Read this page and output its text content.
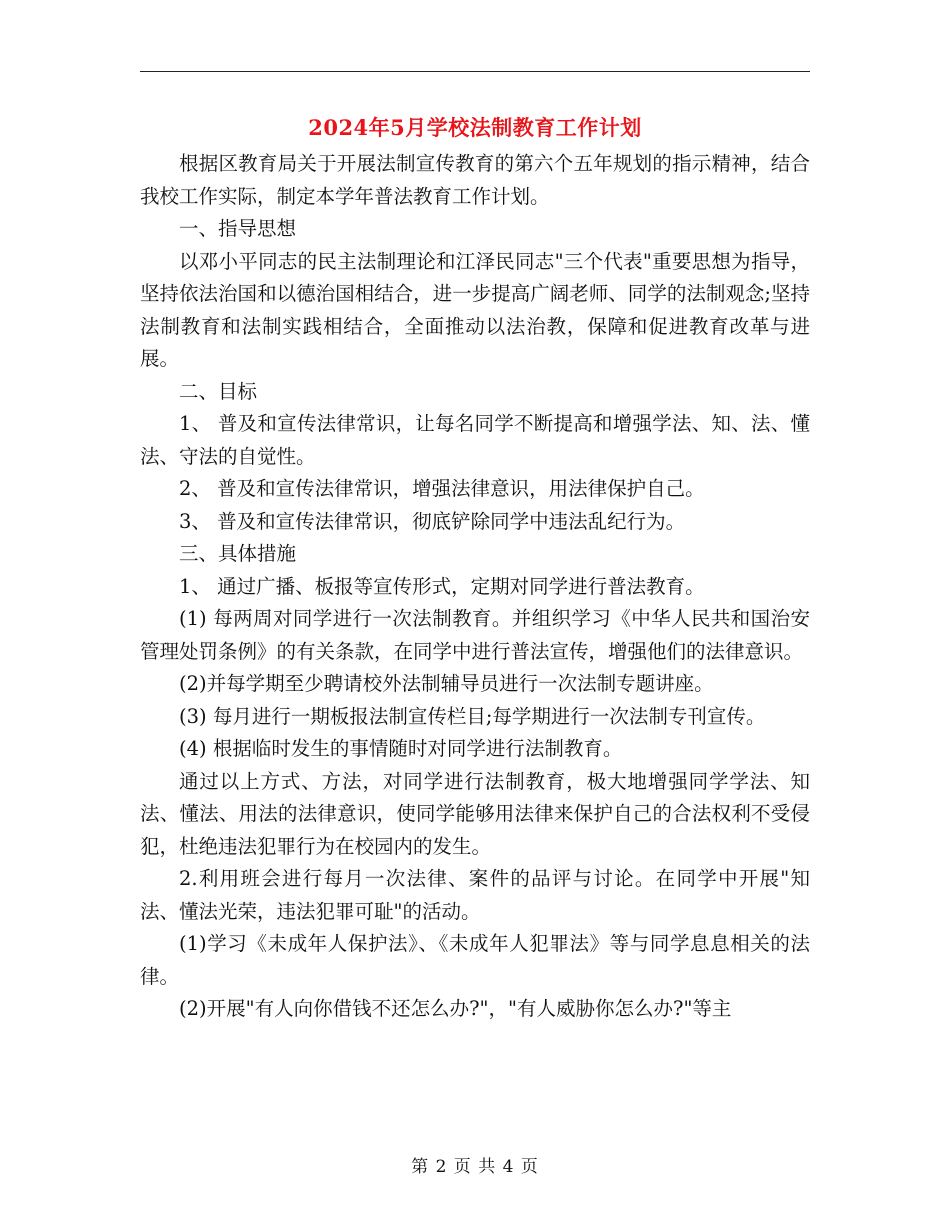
2024年5月学校法制教育工作计划

根据区教育局关于开展法制宣传教育的第六个五年规划的指示精神，结合我校工作实际，制定本学年普法教育工作计划。

一、指导思想

以邓小平同志的民主法制理论和江泽民同志"三个代表"重要思想为指导，坚持依法治国和以德治国相结合，进一步提高广阔老师、同学的法制观念;坚持法制教育和法制实践相结合，全面推动以法治教，保障和促进教育改革与进展。

二、目标

1、 普及和宣传法律常识，让每名同学不断提高和增强学法、知、法、懂法、守法的自觉性。

2、 普及和宣传法律常识，增强法律意识，用法律保护自己。

3、 普及和宣传法律常识，彻底铲除同学中违法乱纪行为。

三、具体措施

1、 通过广播、板报等宣传形式，定期对同学进行普法教育。

(1) 每两周对同学进行一次法制教育。并组织学习《中华人民共和国治安管理处罚条例》的有关条款，在同学中进行普法宣传，增强他们的法律意识。

(2)并每学期至少聘请校外法制辅导员进行一次法制专题讲座。

(3) 每月进行一期板报法制宣传栏目;每学期进行一次法制专刊宣传。

(4) 根据临时发生的事情随时对同学进行法制教育。

通过以上方式、方法，对同学进行法制教育，极大地增强同学学法、知法、懂法、用法的法律意识，使同学能够用法律来保护自己的合法权利不受侵犯，杜绝违法犯罪行为在校园内的发生。

2.利用班会进行每月一次法律、案件的品评与讨论。在同学中开展"知法、懂法光荣，违法犯罪可耻"的活动。

(1)学习《未成年人保护法》、《未成年人犯罪法》等与同学息息相关的法律。

(2)开展"有人向你借钱不还怎么办?"，"有人威胁你怎么办?"等主

第 2 页 共 4 页
